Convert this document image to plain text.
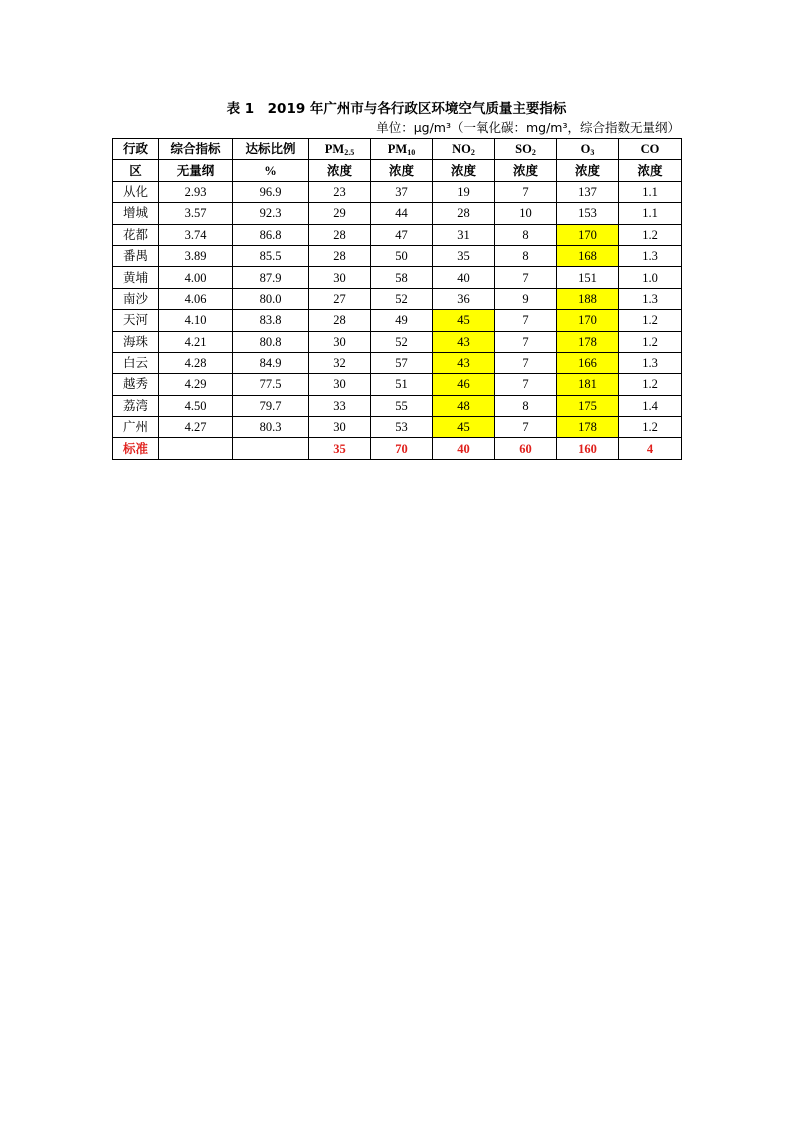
表 1　2019 年广州市与各行政区环境空气质量主要指标
单位：μg/m³（一氧化碳：mg/m³，综合指数无量纲）
行政	综合指标	达标比例	$PM_{2.5}$	$PM_{10}$	$NO_2$	$SO_2$	$O_3$	CO
区	无量纲	%	浓度	浓度	浓度	浓度	浓度	浓度
从化	2.93	96.9	23	37	19	7	137	1.1
增城	3.57	92.3	29	44	28	10	153	1.1
花都	3.74	86.8	28	47	31	8	170	1.2
番禺	3.89	85.5	28	50	35	8	168	1.3
黄埔	4.00	87.9	30	58	40	7	151	1.0
南沙	4.06	80.0	27	52	36	9	188	1.3
天河	4.10	83.8	28	49	45	7	170	1.2
海珠	4.21	80.8	30	52	43	7	178	1.2
白云	4.28	84.9	32	57	43	7	166	1.3
越秀	4.29	77.5	30	51	46	7	181	1.2
荔湾	4.50	79.7	33	55	48	8	175	1.4
广州	4.27	80.3	30	53	45	7	178	1.2
标准			35	70	40	60	160	4
